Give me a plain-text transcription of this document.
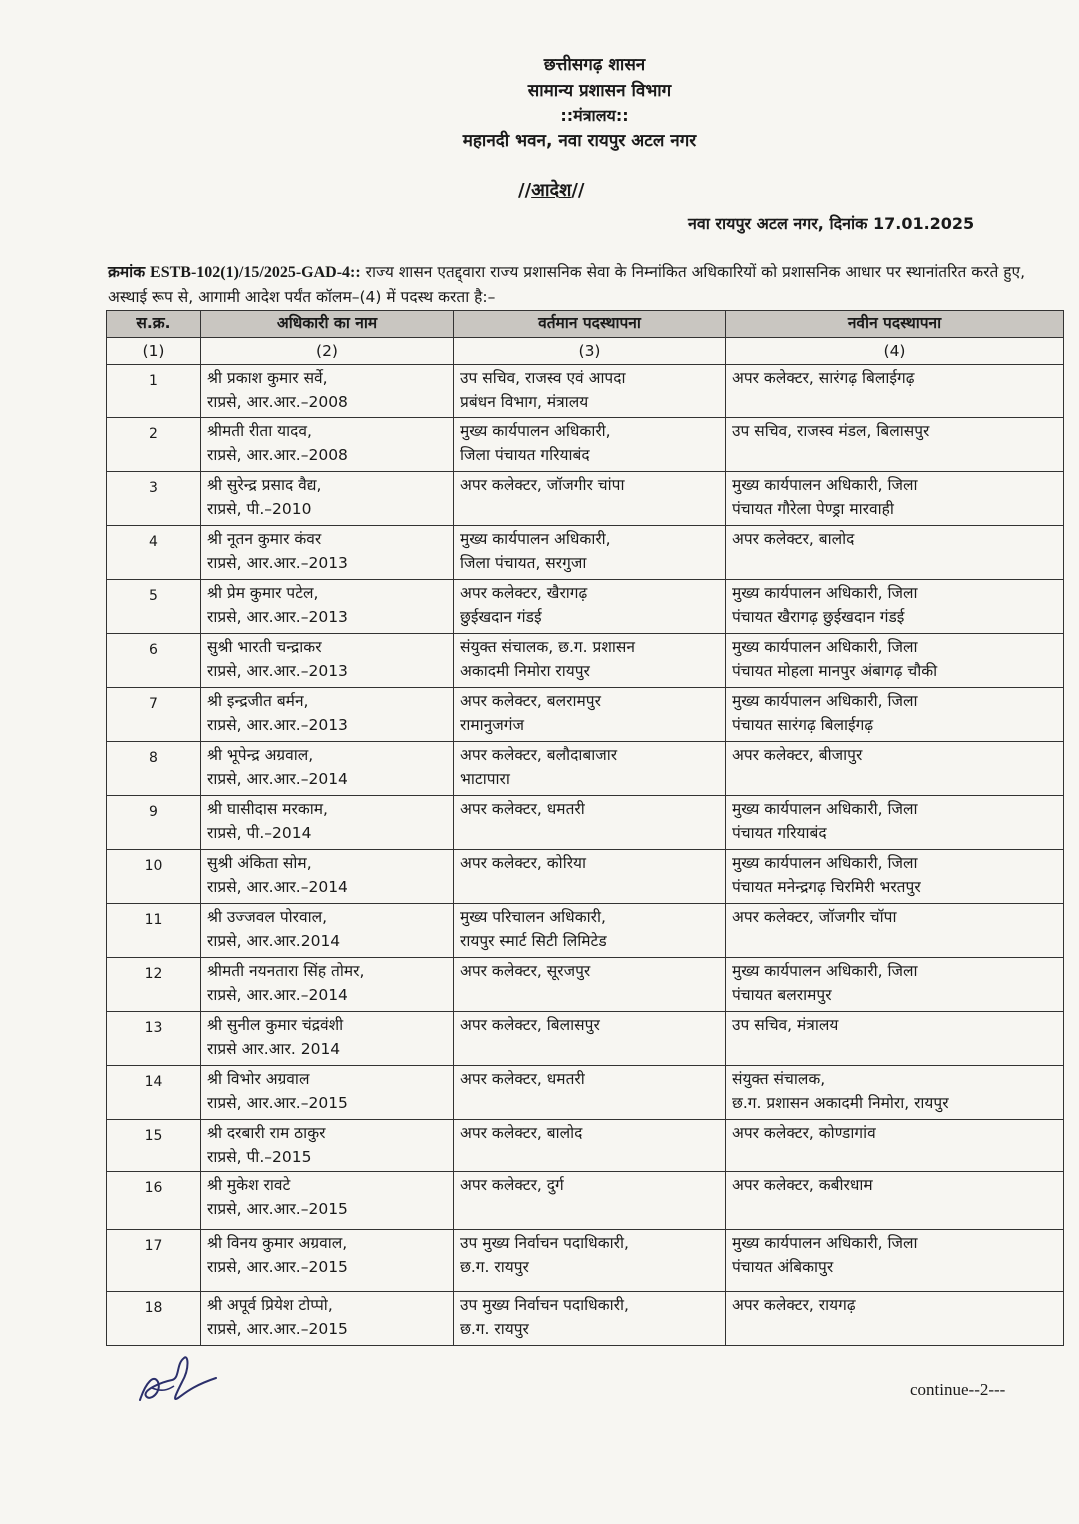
छत्तीसगढ़ शासन
सामान्य प्रशासन विभाग
::मंत्रालय::
महानदी भवन, नवा रायपुर अटल नगर
//आदेश//
नवा रायपुर अटल नगर, दिनांक 17.01.2025
क्रमांक ESTB-102(1)/15/2025-GAD-4:: राज्य शासन एतद्द्वारा राज्य प्रशासनिक सेवा के निम्नांकित अधिकारियों को प्रशासनिक आधार पर स्थानांतरित करते हुए, अस्थाई रूप से, आगामी आदेश पर्यंत कॉलम–(4) में पदस्थ करता है:–
स.क्र.	अधिकारी का नाम	वर्तमान पदस्थापना	नवीन पदस्थापना
(1)	(2)	(3)	(4)
1	श्री प्रकाश कुमार सर्वे,
राप्रसे, आर.आर.–2008	उप सचिव, राजस्व एवं आपदा
प्रबंधन विभाग, मंत्रालय	अपर कलेक्टर, सारंगढ़ बिलाईगढ़

2	श्रीमती रीता यादव,
राप्रसे, आर.आर.–2008	मुख्य कार्यपालन अधिकारी,
जिला पंचायत गरियाबंद	उप सचिव, राजस्व मंडल, बिलासपुर

3	श्री सुरेन्द्र प्रसाद वैद्य,
राप्रसे, पी.–2010	अपर कलेक्टर, जॉजगीर चांपा	मुख्य कार्यपालन अधिकारी, जिला
पंचायत गौरेला पेण्ड्रा मारवाही

4	श्री नूतन कुमार कंवर
राप्रसे, आर.आर.–2013	मुख्य कार्यपालन अधिकारी,
जिला पंचायत, सरगुजा	अपर कलेक्टर, बालोद

5	श्री प्रेम कुमार पटेल,
राप्रसे, आर.आर.–2013	अपर कलेक्टर, खैरागढ़
छुईखदान गंडई	मुख्य कार्यपालन अधिकारी, जिला
पंचायत खैरागढ़ छुईखदान गंडई

6	सुश्री भारती चन्द्राकर
राप्रसे, आर.आर.–2013	संयुक्त संचालक, छ.ग. प्रशासन
अकादमी निमोरा रायपुर	मुख्य कार्यपालन अधिकारी, जिला
पंचायत मोहला मानपुर अंबागढ़ चौकी

7	श्री इन्द्रजीत बर्मन,
राप्रसे, आर.आर.–2013	अपर कलेक्टर, बलरामपुर
रामानुजगंज	मुख्य कार्यपालन अधिकारी, जिला
पंचायत सारंगढ़ बिलाईगढ़

8	श्री भूपेन्द्र अग्रवाल,
राप्रसे, आर.आर.–2014	अपर कलेक्टर, बलौदाबाजार
भाटापारा	अपर कलेक्टर, बीजापुर

9	श्री घासीदास मरकाम,
राप्रसे, पी.–2014	अपर कलेक्टर, धमतरी	मुख्य कार्यपालन अधिकारी, जिला
पंचायत गरियाबंद

10	सुश्री अंकिता सोम,
राप्रसे, आर.आर.–2014	अपर कलेक्टर, कोरिया	मुख्य कार्यपालन अधिकारी, जिला
पंचायत मनेन्द्रगढ़ चिरमिरी भरतपुर

11	श्री उज्जवल पोरवाल,
राप्रसे, आर.आर.2014	मुख्य परिचालन अधिकारी,
रायपुर स्मार्ट सिटी लिमिटेड	अपर कलेक्टर, जॉजगीर चॉपा

12	श्रीमती नयनतारा सिंह तोमर,
राप्रसे, आर.आर.–2014	अपर कलेक्टर, सूरजपुर	मुख्य कार्यपालन अधिकारी, जिला
पंचायत बलरामपुर

13	श्री सुनील कुमार चंद्रवंशी
राप्रसे आर.आर. 2014	अपर कलेक्टर, बिलासपुर	उप सचिव, मंत्रालय

14	श्री विभोर अग्रवाल
राप्रसे, आर.आर.–2015	अपर कलेक्टर, धमतरी	संयुक्त संचालक,
छ.ग. प्रशासन अकादमी निमोरा, रायपुर

15	श्री दरबारी राम ठाकुर
राप्रसे, पी.–2015	अपर कलेक्टर, बालोद	अपर कलेक्टर, कोण्डागांव

16	श्री मुकेश रावटे
राप्रसे, आर.आर.–2015	अपर कलेक्टर, दुर्ग	अपर कलेक्टर, कबीरधाम

17	श्री विनय कुमार अग्रवाल,
राप्रसे, आर.आर.–2015	उप मुख्य निर्वाचन पदाधिकारी,
छ.ग. रायपुर	मुख्य कार्यपालन अधिकारी, जिला
पंचायत अंबिकापुर

18	श्री अपूर्व प्रियेश टोप्पो,
राप्रसे, आर.आर.–2015	उप मुख्य निर्वाचन पदाधिकारी,
छ.ग. रायपुर	अपर कलेक्टर, रायगढ़
continue--2---
